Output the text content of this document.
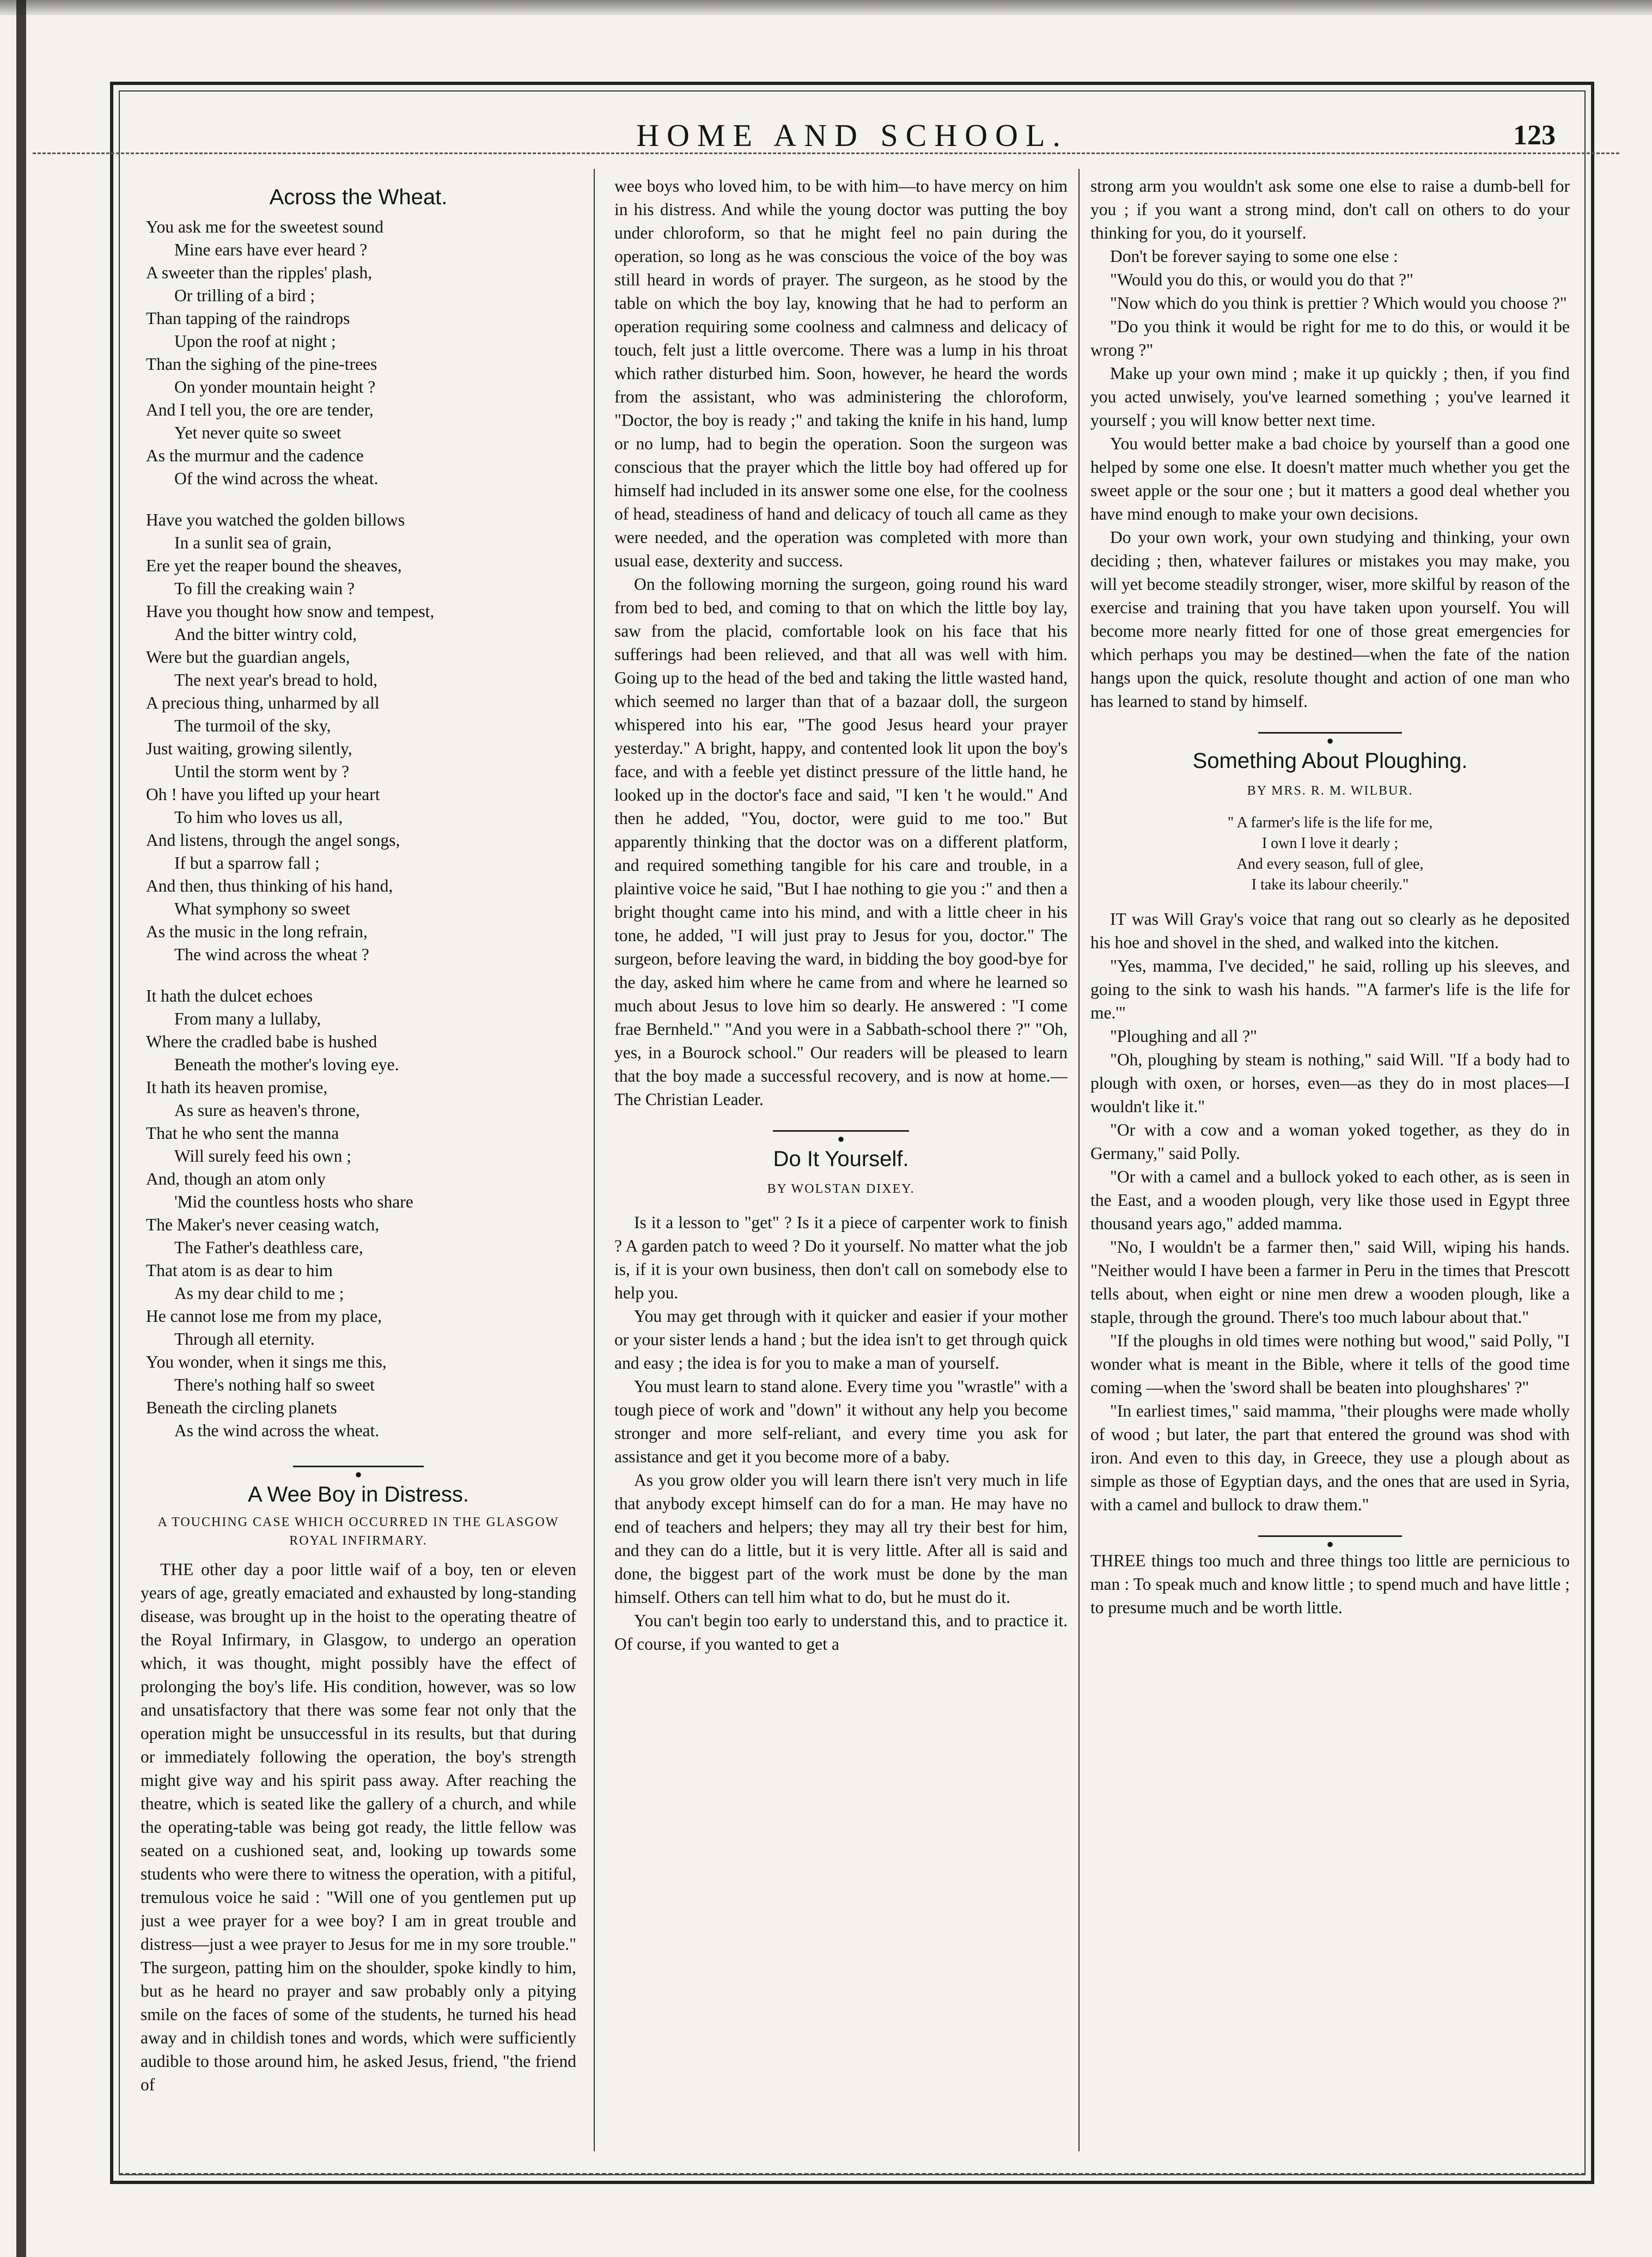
HOME AND SCHOOL.	123
Across the Wheat.
You ask me for the sweetest sound
Mine ears have ever heard ?
A sweeter than the ripples' plash,
Or trilling of a bird ;
Than tapping of the raindrops
Upon the roof at night ;
Than the sighing of the pine-trees
On yonder mountain height ?
And I tell you, the ore are tender,
Yet never quite so sweet
As the murmur and the cadence
Of the wind across the wheat.
Have you watched the golden billows
In a sunlit sea of grain,
Ere yet the reaper bound the sheaves,
To fill the creaking wain ?
Have you thought how snow and tempest,
And the bitter wintry cold,
Were but the guardian angels,
The next year's bread to hold,
A precious thing, unharmed by all
The turmoil of the sky,
Just waiting, growing silently,
Until the storm went by ?
Oh ! have you lifted up your heart
To him who loves us all,
And listens, through the angel songs,
If but a sparrow fall ;
And then, thus thinking of his hand,
What symphony so sweet
As the music in the long refrain,
The wind across the wheat ?
It hath the dulcet echoes
From many a lullaby,
Where the cradled babe is hushed
Beneath the mother's loving eye.
It hath its heaven promise,
As sure as heaven's throne,
That he who sent the manna
Will surely feed his own ;
And, though an atom only
'Mid the countless hosts who share
The Maker's never ceasing watch,
The Father's deathless care,
That atom is as dear to him
As my dear child to me ;
He cannot lose me from my place,
Through all eternity.
You wonder, when it sings me this,
There's nothing half so sweet
Beneath the circling planets
As the wind across the wheat.
●
A Wee Boy in Distress.
A TOUCHING CASE WHICH OCCURRED IN THE GLASGOW ROYAL INFIRMARY.

THE other day a poor little waif of a boy, ten or eleven years of age, greatly emaciated and exhausted by long-standing disease, was brought up in the hoist to the operating theatre of the Royal Infirmary, in Glasgow, to undergo an operation which, it was thought, might possibly have the effect of prolonging the boy's life. His condition, however, was so low and unsatisfactory that there was some fear not only that the operation might be unsuccessful in its results, but that during or immediately following the operation, the boy's strength might give way and his spirit pass away. After reaching the theatre, which is seated like the gallery of a church, and while the operating-table was being got ready, the little fellow was seated on a cushioned seat, and, looking up towards some students who were there to witness the operation, with a pitiful, tremulous voice he said : "Will one of you gentlemen put up just a wee prayer for a wee boy? I am in great trouble and distress—just a wee prayer to Jesus for me in my sore trouble." The surgeon, patting him on the shoulder, spoke kindly to him, but as he heard no prayer and saw probably only a pitying smile on the faces of some of the students, he turned his head away and in childish tones and words, which were sufficiently audible to those around him, he asked Jesus, friend, "the friend of

wee boys who loved him, to be with him—to have mercy on him in his distress. And while the young doctor was putting the boy under chloroform, so that he might feel no pain during the operation, so long as he was conscious the voice of the boy was still heard in words of prayer. The surgeon, as he stood by the table on which the boy lay, knowing that he had to perform an operation requiring some coolness and calmness and delicacy of touch, felt just a little overcome. There was a lump in his throat which rather disturbed him. Soon, however, he heard the words from the assistant, who was administering the chloroform, "Doctor, the boy is ready ;" and taking the knife in his hand, lump or no lump, had to begin the operation. Soon the surgeon was conscious that the prayer which the little boy had offered up for himself had included in its answer some one else, for the coolness of head, steadiness of hand and delicacy of touch all came as they were needed, and the operation was completed with more than usual ease, dexterity and success.

On the following morning the surgeon, going round his ward from bed to bed, and coming to that on which the little boy lay, saw from the placid, comfortable look on his face that his sufferings had been relieved, and that all was well with him. Going up to the head of the bed and taking the little wasted hand, which seemed no larger than that of a bazaar doll, the surgeon whispered into his ear, "The good Jesus heard your prayer yesterday." A bright, happy, and contented look lit upon the boy's face, and with a feeble yet distinct pressure of the little hand, he looked up in the doctor's face and said, "I ken 't he would." And then he added, "You, doctor, were guid to me too." But apparently thinking that the doctor was on a different platform, and required something tangible for his care and trouble, in a plaintive voice he said, "But I hae nothing to gie you :" and then a bright thought came into his mind, and with a little cheer in his tone, he added, "I will just pray to Jesus for you, doctor." The surgeon, before leaving the ward, in bidding the boy good-bye for the day, asked him where he came from and where he learned so much about Jesus to love him so dearly. He answered : "I come frae Bernheld." "And you were in a Sabbath-school there ?" "Oh, yes, in a Bourock school." Our readers will be pleased to learn that the boy made a successful recovery, and is now at home.—The Christian Leader.

●
Do It Yourself.
BY WOLSTAN DIXEY.

Is it a lesson to "get" ? Is it a piece of carpenter work to finish ? A garden patch to weed ? Do it yourself. No matter what the job is, if it is your own business, then don't call on somebody else to help you.

You may get through with it quicker and easier if your mother or your sister lends a hand ; but the idea isn't to get through quick and easy ; the idea is for you to make a man of yourself.

You must learn to stand alone. Every time you "wrastle" with a tough piece of work and "down" it without any help you become stronger and more self-reliant, and every time you ask for assistance and get it you become more of a baby.

As you grow older you will learn there isn't very much in life that anybody except himself can do for a man. He may have no end of teachers and helpers; they may all try their best for him, and they can do a little, but it is very little. After all is said and done, the biggest part of the work must be done by the man himself. Others can tell him what to do, but he must do it.

You can't begin too early to understand this, and to practice it. Of course, if you wanted to get a

strong arm you wouldn't ask some one else to raise a dumb-bell for you ; if you want a strong mind, don't call on others to do your thinking for you, do it yourself.

Don't be forever saying to some one else :

"Would you do this, or would you do that ?"

"Now which do you think is prettier ? Which would you choose ?"

"Do you think it would be right for me to do this, or would it be wrong ?"

Make up your own mind ; make it up quickly ; then, if you find you acted unwisely, you've learned something ; you've learned it yourself ; you will know better next time.

You would better make a bad choice by yourself than a good one helped by some one else. It doesn't matter much whether you get the sweet apple or the sour one ; but it matters a good deal whether you have mind enough to make your own decisions.

Do your own work, your own studying and thinking, your own deciding ; then, whatever failures or mistakes you may make, you will yet become steadily stronger, wiser, more skilful by reason of the exercise and training that you have taken upon yourself. You will become more nearly fitted for one of those great emergencies for which perhaps you may be destined—when the fate of the nation hangs upon the quick, resolute thought and action of one man who has learned to stand by himself.

●
Something About Ploughing.
BY MRS. R. M. WILBUR.
" A farmer's life is the life for me,
I own I love it dearly ;
And every season, full of glee,
I take its labour cheerily."

IT was Will Gray's voice that rang out so clearly as he deposited his hoe and shovel in the shed, and walked into the kitchen.

"Yes, mamma, I've decided," he said, rolling up his sleeves, and going to the sink to wash his hands. "'A farmer's life is the life for me.'"

"Ploughing and all ?"

"Oh, ploughing by steam is nothing," said Will. "If a body had to plough with oxen, or horses, even—as they do in most places—I wouldn't like it."

"Or with a cow and a woman yoked together, as they do in Germany," said Polly.

"Or with a camel and a bullock yoked to each other, as is seen in the East, and a wooden plough, very like those used in Egypt three thousand years ago," added mamma.

"No, I wouldn't be a farmer then," said Will, wiping his hands. "Neither would I have been a farmer in Peru in the times that Prescott tells about, when eight or nine men drew a wooden plough, like a staple, through the ground. There's too much labour about that."

"If the ploughs in old times were nothing but wood," said Polly, "I wonder what is meant in the Bible, where it tells of the good time coming —when the 'sword shall be beaten into ploughshares' ?"

"In earliest times," said mamma, "their ploughs were made wholly of wood ; but later, the part that entered the ground was shod with iron. And even to this day, in Greece, they use a plough about as simple as those of Egyptian days, and the ones that are used in Syria, with a camel and bullock to draw them."

●

THREE things too much and three things too little are pernicious to man : To speak much and know little ; to spend much and have little ; to presume much and be worth little.
